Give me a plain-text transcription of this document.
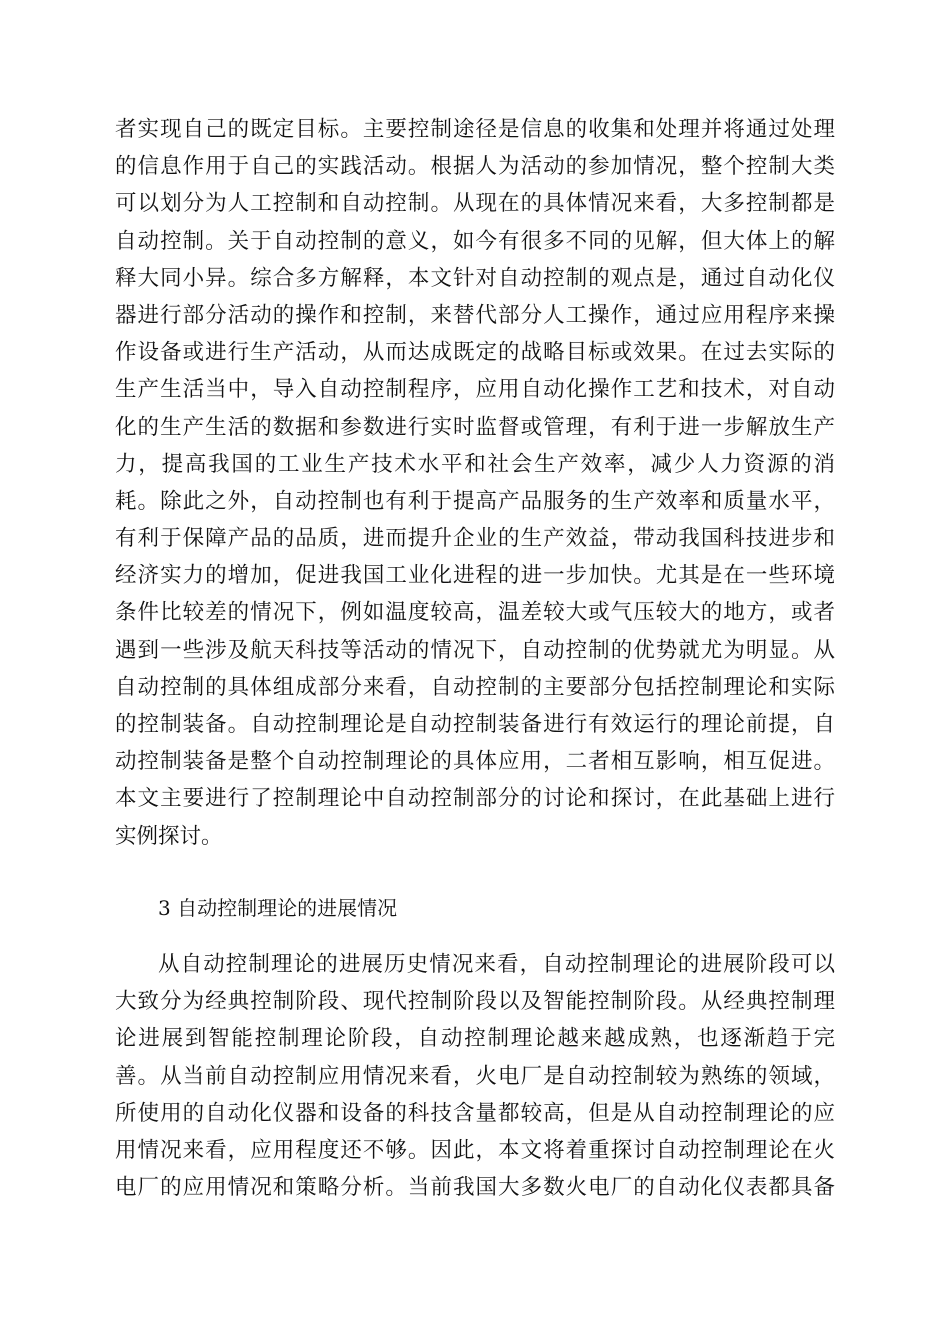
者实现自己的既定目标。主要控制途径是信息的收集和处理并将通过处理
的信息作用于自己的实践活动。根据人为活动的参加情况，整个控制大类
可以划分为人工控制和自动控制。从现在的具体情况来看，大多控制都是
自动控制。关于自动控制的意义，如今有很多不同的见解，但大体上的解
释大同小异。综合多方解释，本文针对自动控制的观点是，通过自动化仪
器进行部分活动的操作和控制，来替代部分人工操作，通过应用程序来操
作设备或进行生产活动，从而达成既定的战略目标或效果。在过去实际的
生产生活当中，导入自动控制程序，应用自动化操作工艺和技术，对自动
化的生产生活的数据和参数进行实时监督或管理，有利于进一步解放生产
力，提高我国的工业生产技术水平和社会生产效率，减少人力资源的消
耗。除此之外，自动控制也有利于提高产品服务的生产效率和质量水平，
有利于保障产品的品质，进而提升企业的生产效益，带动我国科技进步和
经济实力的增加，促进我国工业化进程的进一步加快。尤其是在一些环境
条件比较差的情况下，例如温度较高，温差较大或气压较大的地方，或者
遇到一些涉及航天科技等活动的情况下，自动控制的优势就尤为明显。从
自动控制的具体组成部分来看，自动控制的主要部分包括控制理论和实际
的控制装备。自动控制理论是自动控制装备进行有效运行的理论前提，自
动控制装备是整个自动控制理论的具体应用，二者相互影响，相互促进。
本文主要进行了控制理论中自动控制部分的讨论和探讨，在此基础上进行
实例探讨。
3 自动控制理论的进展情况
从自动控制理论的进展历史情况来看，自动控制理论的进展阶段可以
大致分为经典控制阶段、现代控制阶段以及智能控制阶段。从经典控制理
论进展到智能控制理论阶段，自动控制理论越来越成熟，也逐渐趋于完
善。从当前自动控制应用情况来看，火电厂是自动控制较为熟练的领域，
所使用的自动化仪器和设备的科技含量都较高，但是从自动控制理论的应
用情况来看，应用程度还不够。因此，本文将着重探讨自动控制理论在火
电厂的应用情况和策略分析。当前我国大多数火电厂的自动化仪表都具备
